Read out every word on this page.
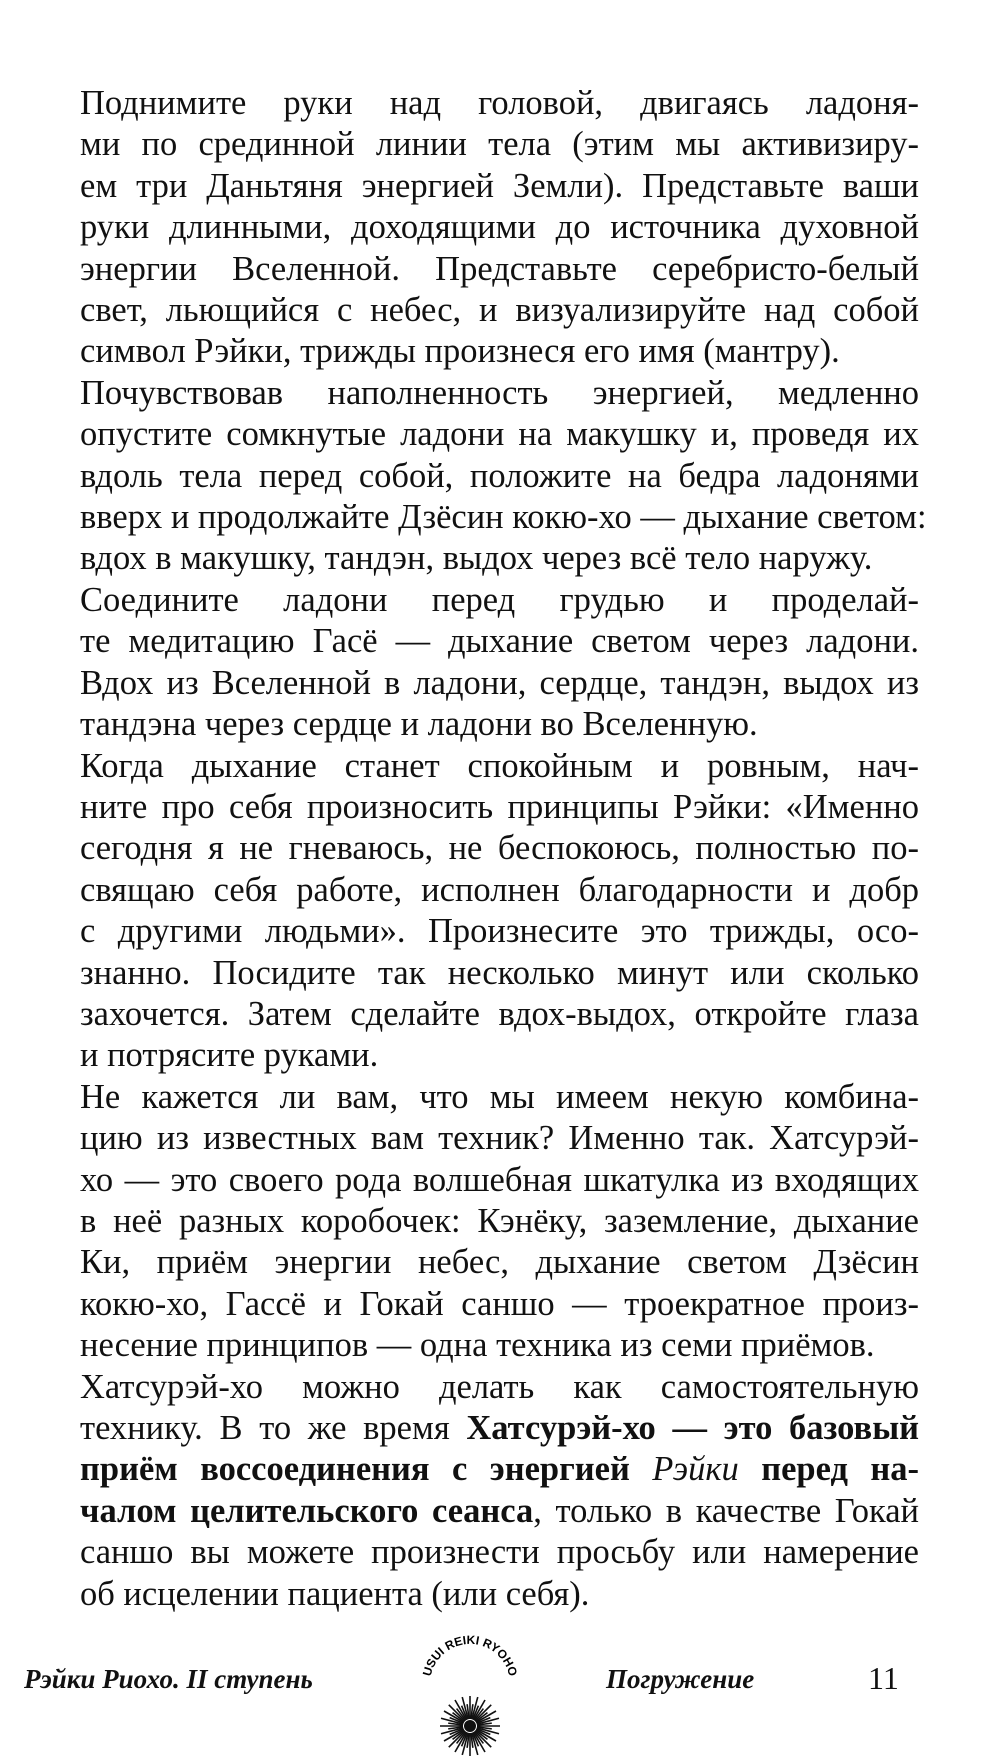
Поднимите руки над головой, двигаясь ладоня-
ми по срединной линии тела (этим мы активизиру-
ем три Даньтяня энергией Земли). Представьте ваши
руки длинными, доходящими до источника духовной
энергии Вселенной. Представьте серебристо-белый
свет, льющийся с небес, и визуализируйте над собой
символ Рэйки, трижды произнеся его имя (мантру).

Почувствовав наполненность энергией, медленно
опустите сомкнутые ладони на макушку и, проведя их
вдоль тела перед собой, положите на бедра ладонями
вверх и продолжайте Дзёсин кокю-хо — дыхание светом:
вдох в макушку, тандэн, выдох через всё тело наружу.

Соедините ладони перед грудью и проделай-
те медитацию Гасё — дыхание светом через ладони.
Вдох из Вселенной в ладони, сердце, тандэн, выдох из
тандэна через сердце и ладони во Вселенную.

Когда дыхание станет спокойным и ровным, нач-
ните про себя произносить принципы Рэйки: «Именно
сегодня я не гневаюсь, не беспокоюсь, полностью по-
свящаю себя работе, исполнен благодарности и добр
с другими людьми». Произнесите это трижды, осо-
знанно. Посидите так несколько минут или сколько
захочется. Затем сделайте вдох-выдох, откройте глаза
и потрясите руками.

Не кажется ли вам, что мы имеем некую комбина-
цию из известных вам техник? Именно так. Хатсурэй-
хо — это своего рода волшебная шкатулка из входящих
в неё разных коробочек: Кэнёку, заземление, дыхание
Ки, приём энергии небес, дыхание светом Дзёсин
кокю-хо, Гассё и Гокай саншо — троекратное произ-
несение принципов — одна техника из семи приёмов.

Хатсурэй-хо можно делать как самостоятельную
технику. В то же время Хатсурэй-хо — это базовый
приём воссоединения с энергией Рэйки перед на-
чалом целительского сеанса, только в качестве Гокай
саншо вы можете произнести просьбу или намерение
об исцелении пациента (или себя).

Рэйки Риохо. II ступень	USUI REIKI RYOHO	Погружение	11
